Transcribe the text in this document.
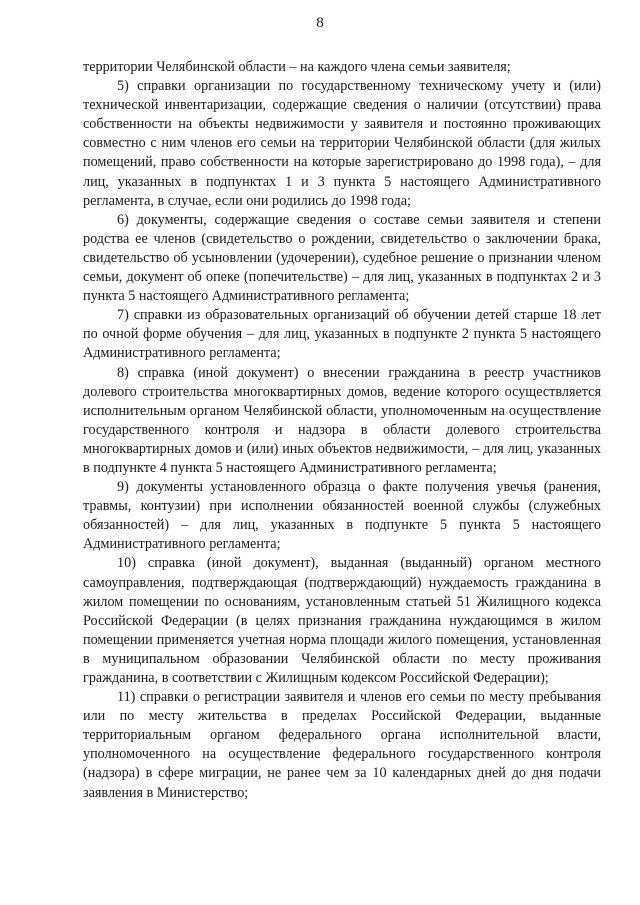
8

территории Челябинской области – на каждого члена семьи заявителя;

5) справки организации по государственному техническому учету и (или) технической инвентаризации, содержащие сведения о наличии (отсутствии) права собственности на объекты недвижимости у заявителя и постоянно проживающих совместно с ним членов его семьи на территории Челябинской области (для жилых помещений, право собственности на которые зарегистрировано до 1998 года), – для лиц, указанных в подпунктах 1 и 3 пункта 5 настоящего Административного регламента, в случае, если они родились до 1998 года;

6) документы, содержащие сведения о составе семьи заявителя и степени родства ее членов (свидетельство о рождении, свидетельство о заключении брака, свидетельство об усыновлении (удочерении), судебное решение о признании членом семьи, документ об опеке (попечительстве) – для лиц, указанных в подпунктах 2 и 3 пункта 5 настоящего Административного регламента;

7) справки из образовательных организаций об обучении детей старше 18 лет по очной форме обучения – для лиц, указанных в подпункте 2 пункта 5 настоящего Административного регламента;

8) справка (иной документ) о внесении гражданина в реестр участников долевого строительства многоквартирных домов, ведение которого осуществляется исполнительным органом Челябинской области, уполномоченным на осуществление государственного контроля и надзора в области долевого строительства многоквартирных домов и (или) иных объектов недвижимости, – для лиц, указанных в подпункте 4 пункта 5 настоящего Административного регламента;

9) документы установленного образца о факте получения увечья (ранения, травмы, контузии) при исполнении обязанностей военной службы (служебных обязанностей) – для лиц, указанных в подпункте 5 пункта 5 настоящего Административного регламента;

10) справка (иной документ), выданная (выданный) органом местного самоуправления, подтверждающая (подтверждающий) нуждаемость гражданина в жилом помещении по основаниям, установленным статьей 51 Жилищного кодекса Российской Федерации (в целях признания гражданина нуждающимся в жилом помещении применяется учетная норма площади жилого помещения, установленная в муниципальном образовании Челябинской области по месту проживания гражданина, в соответствии с Жилищным кодексом Российской Федерации);

11) справки о регистрации заявителя и членов его семьи по месту пребывания или по месту жительства в пределах Российской Федерации, выданные территориальным органом федерального органа исполнительной власти, уполномоченного на осуществление федерального государственного контроля (надзора) в сфере миграции, не ранее чем за 10 календарных дней до дня подачи заявления в Министерство;
